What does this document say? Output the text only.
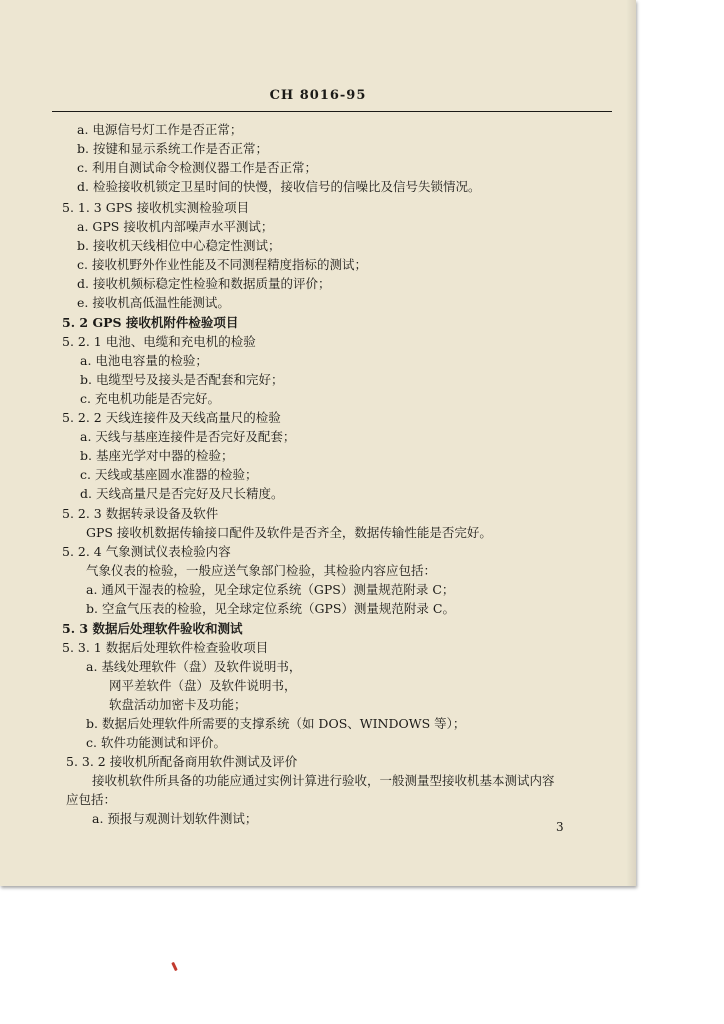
CH 8016-95
a. 电源信号灯工作是否正常；
b. 按键和显示系统工作是否正常；
c. 利用自测试命令检测仪器工作是否正常；
d. 检验接收机锁定卫星时间的快慢，接收信号的信噪比及信号失锁情况。
5. 1. 3 GPS 接收机实测检验项目
a. GPS 接收机内部噪声水平测试；
b. 接收机天线相位中心稳定性测试；
c. 接收机野外作业性能及不同测程精度指标的测试；
d. 接收机频标稳定性检验和数据质量的评价；
e. 接收机高低温性能测试。
5. 2 GPS 接收机附件检验项目
5. 2. 1 电池、电缆和充电机的检验
a. 电池电容量的检验；
b. 电缆型号及接头是否配套和完好；
c. 充电机功能是否完好。
5. 2. 2 天线连接件及天线高量尺的检验
a. 天线与基座连接件是否完好及配套；
b. 基座光学对中器的检验；
c. 天线或基座圆水准器的检验；
d. 天线高量尺是否完好及尺长精度。
5. 2. 3 数据转录设备及软件
GPS 接收机数据传输接口配件及软件是否齐全，数据传输性能是否完好。
5. 2. 4 气象测试仪表检验内容
气象仪表的检验，一般应送气象部门检验，其检验内容应包括：
a. 通风干湿表的检验，见全球定位系统（GPS）测量规范附录 C；
b. 空盒气压表的检验，见全球定位系统（GPS）测量规范附录 C。
5. 3 数据后处理软件验收和测试
5. 3. 1 数据后处理软件检查验收项目
a. 基线处理软件（盘）及软件说明书，
网平差软件（盘）及软件说明书，
软盘活动加密卡及功能；
b. 数据后处理软件所需要的支撑系统（如 DOS、WINDOWS 等）；
c. 软件功能测试和评价。
5. 3. 2 接收机所配备商用软件测试及评价
接收机软件所具备的功能应通过实例计算进行验收，一般测量型接收机基本测试内容
应包括：
a. 预报与观测计划软件测试；
3
